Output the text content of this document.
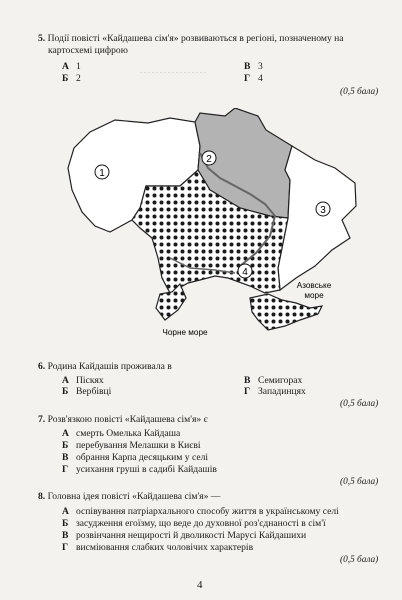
. . . . . . . . . . . . . . . . .
5. Події повісті «Кайдашева сім'я» розвиваються в регіоні, позначеному на
картосхемі цифрою
А 1
Б 2
В 3
Г 4
(0,5 бала)
1
2
3
4
Азовське
море
Чорне море
6. Родина Кайдашів проживала в
А Піскях
Б Вербівці
В Семигорах
Г Западинцях
(0,5 бала)
7. Розв'язкою повісті «Кайдашева сім'я» є
А смерть Омелька Кайдаша
Б перебування Мелашки в Києві
В обрання Карпа десяцьким у селі
Г усихання груші в садибі Кайдашів
(0,5 бала)
8. Головна ідея повісті «Кайдашева сім'я» —
А оспівування патріархального способу життя в українському селі
Б засудження егоїзму, що веде до духовної роз'єднаності в сім'ї
В розвінчання нещирості й дволикості Марусі Кайдашихи
Г висміювання слабких чоловічих характерів
(0,5 бала)
4
